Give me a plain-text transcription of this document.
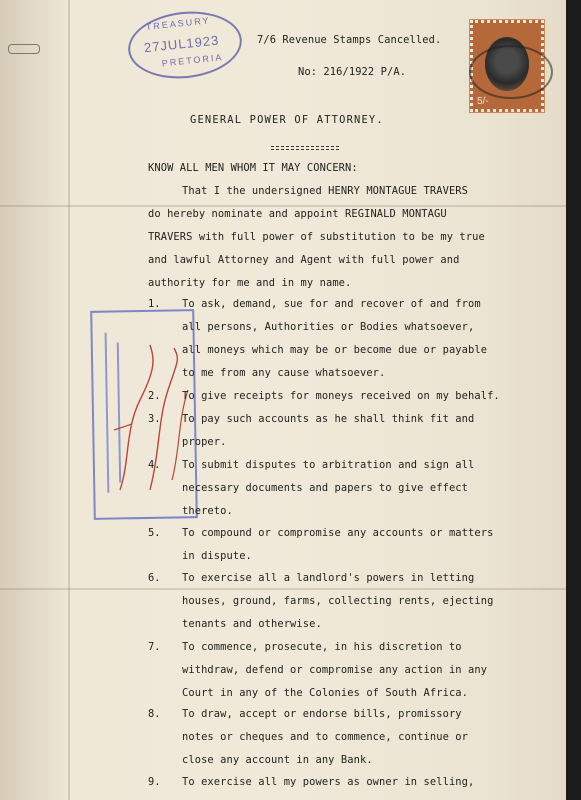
TREASURY
27JUL1923
PRETORIA
5/-
7/6 Revenue Stamps Cancelled.
No: 216/1922 P/A.
GENERAL POWER OF ATTORNEY.
KNOW ALL MEN WHOM IT MAY CONCERN:
That I the undersigned HENRY MONTAGUE TRAVERS
do hereby nominate and appoint REGINALD MONTAGU
TRAVERS with full power of substitution to be my true
and lawful Attorney and Agent with full power and
authority for me and in my name.
1. To ask, demand, sue for and recover of and from
all persons, Authorities or Bodies whatsoever,
all moneys which may be or become due or payable
to me from any cause whatsoever.
2. To give receipts for moneys received on my behalf.
3. To pay such accounts as he shall think fit and
proper.
4. To submit disputes to arbitration and sign all
necessary documents and papers to give effect
thereto.
5. To compound or compromise any accounts or matters
in dispute.
6. To exercise all a landlord's powers in letting
houses, ground, farms, collecting rents, ejecting
tenants and otherwise.
7. To commence, prosecute, in his discretion to
withdraw, defend or compromise any action in any
Court in any of the Colonies of South Africa.
8. To draw, accept or endorse bills, promissory
notes or cheques and to commence, continue or
close any account in any Bank.
9. To exercise all my powers as owner in selling,
